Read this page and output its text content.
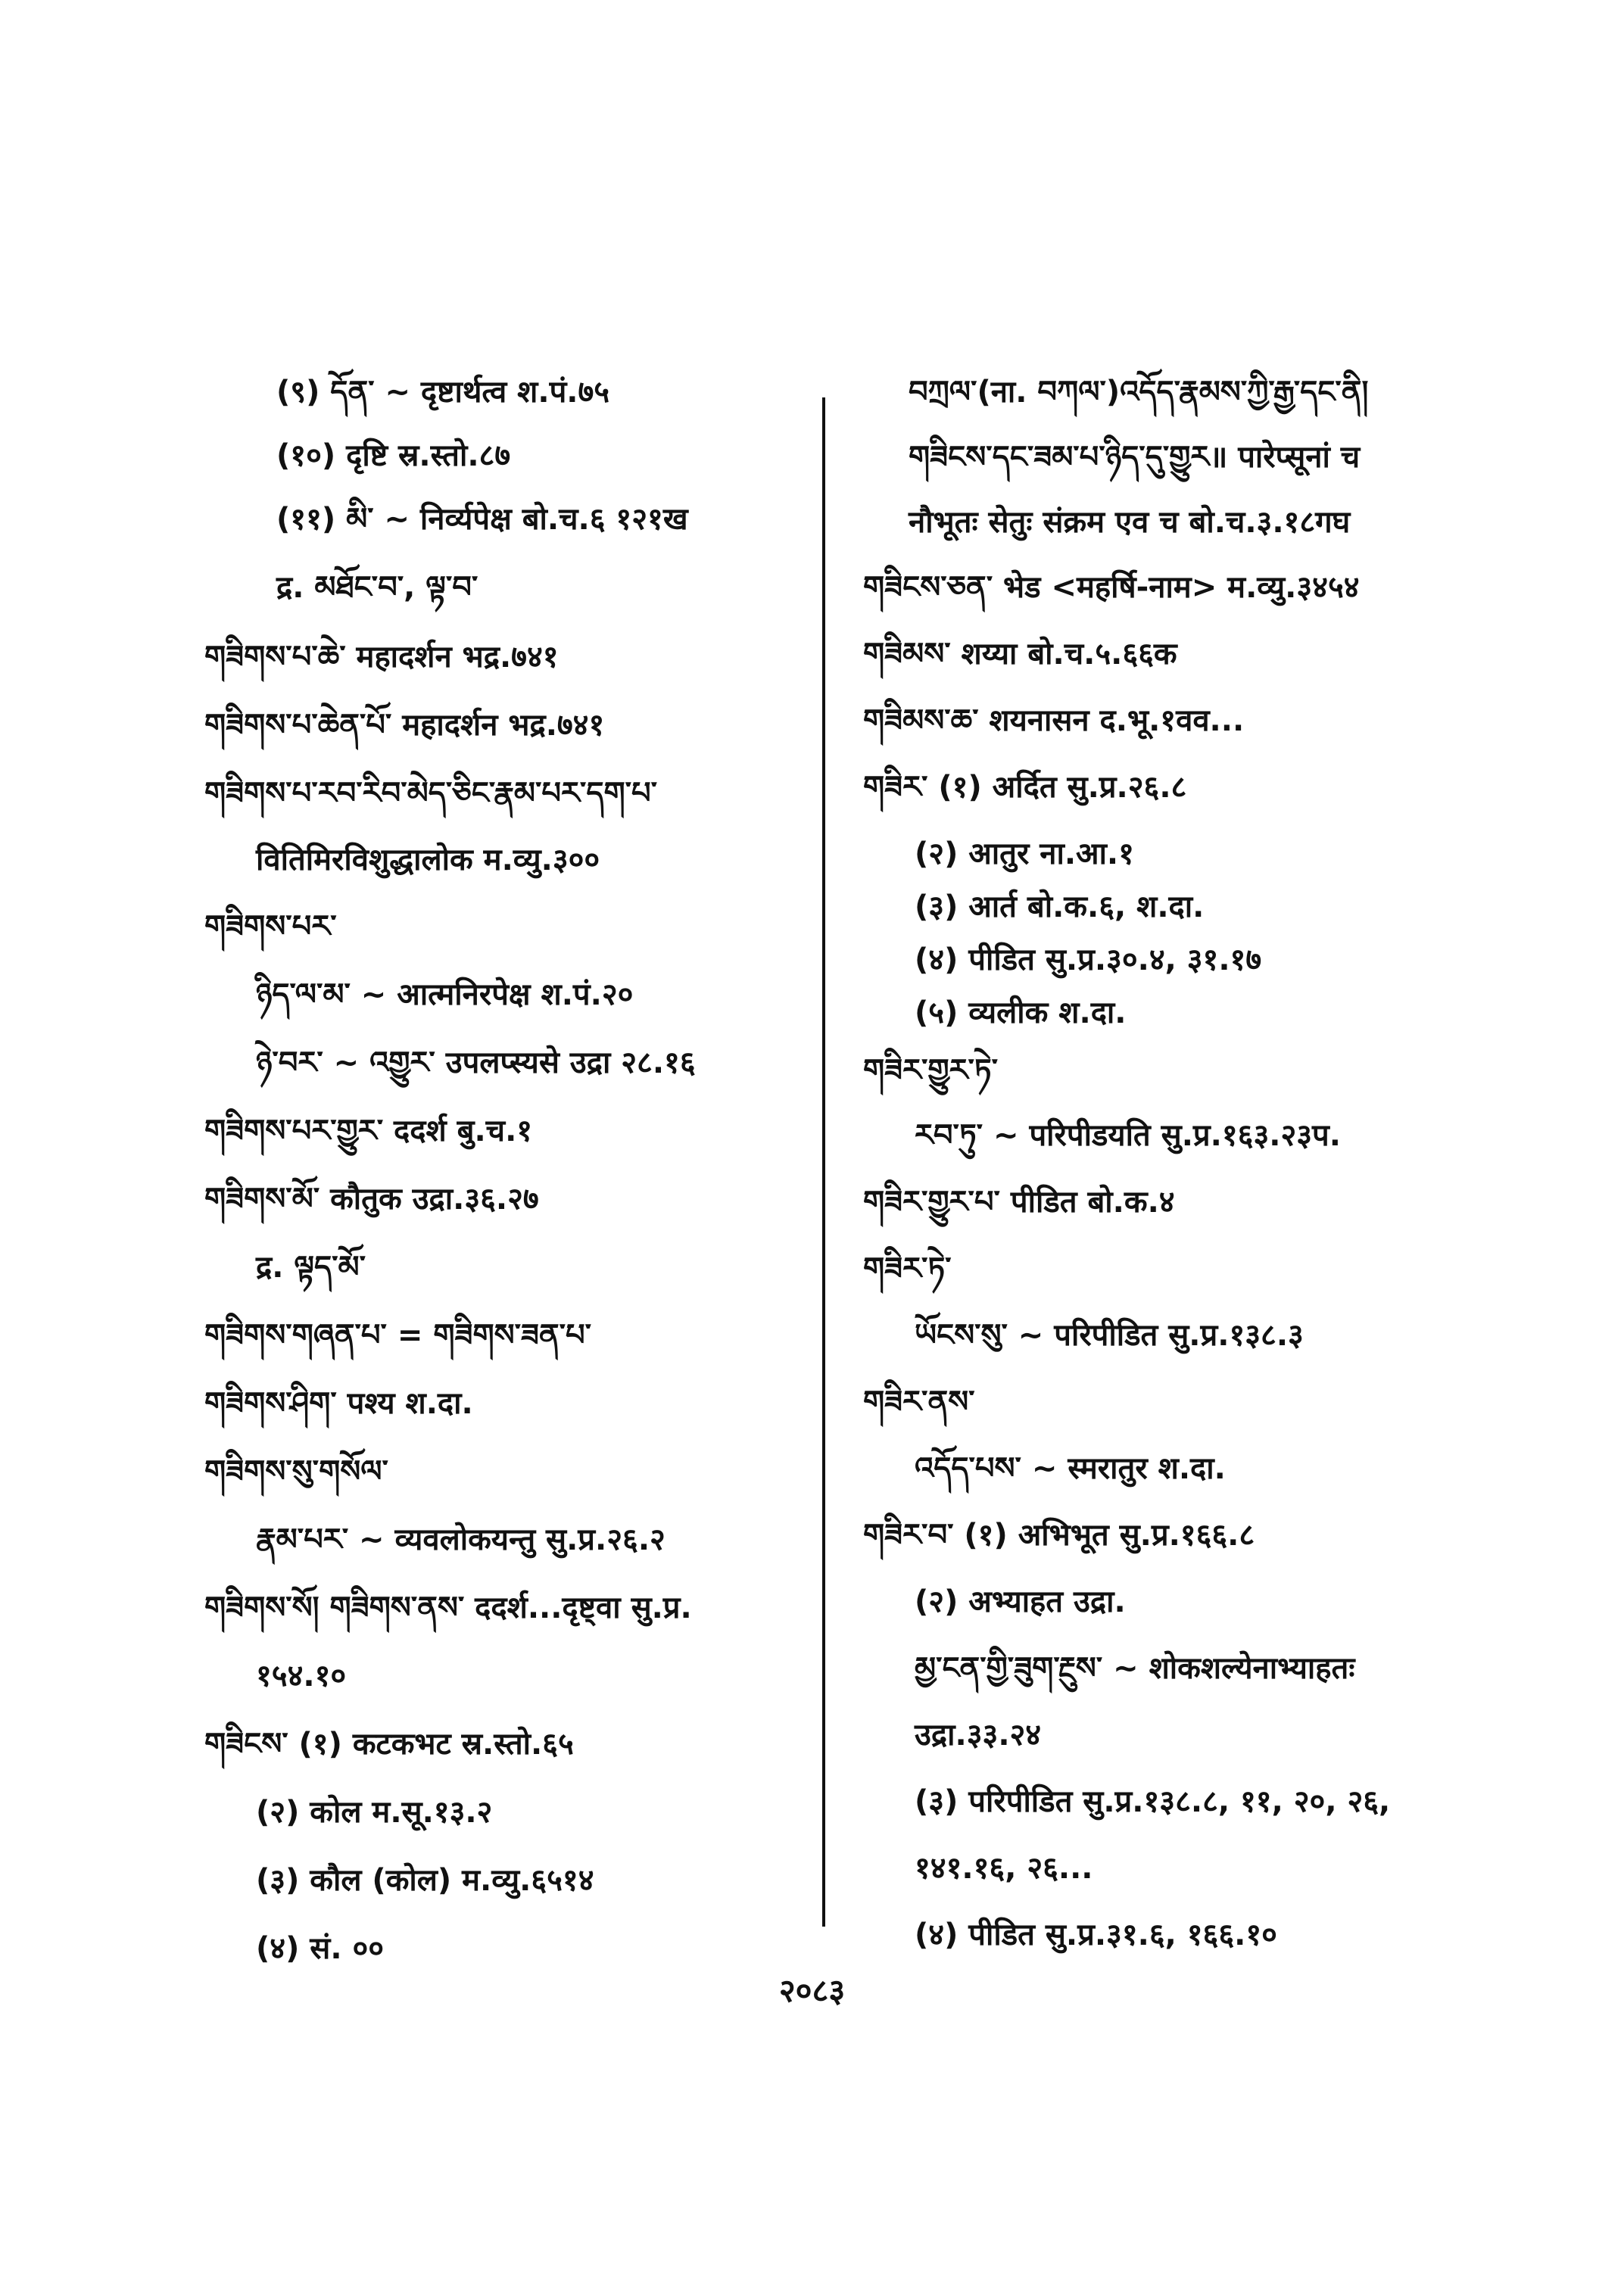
(९) དོན་ ~ दृष्टार्थत्व श.पं.७५
(१०) दृष्टि स्र.स्तो.८७
(११) མི་ ~ निर्व्यपेक्ष बो.च.६ १२१ख
द्र. མཐོང་བ་, ལྟ་བ་
གཟིགས་པ་ཆེ་ महादर्शन भद्र.७४१
གཟིགས་པ་ཆེན་པོ་ महादर्शन भद्र.७४१
གཟིགས་པ་རབ་རིབ་མེད་ཅིང་རྣམ་པར་དག་པ་
वितिमिरविशुद्धालोक म.व्यु.३००
གཟིགས་པར་
ཉིད་ལ་མ་ ~ आत्मनिरपेक्ष श.पं.२०
ཉེ་བར་ ~ འགྱུར་ उपलप्स्यसे उद्रा २८.१६
གཟིགས་པར་གྱུར་ ददर्श बु.च.१
གཟིགས་མོ་ कौतुक उद्रा.३६.२७
द्र. ལྟད་མོ་
གཟིགས་གཞན་པ་ = གཟིགས་ཟན་པ་
གཟིགས་ཤིག་ पश्य श.दा.
གཟིགས་སུ་གསོལ་
རྣམ་པར་ ~ व्यवलोकयन्तु सु.प्र.२६.२
གཟིགས་སོ། གཟིགས་ནས་ ददर्श...दृष्ट्वा सु.प्र.
१५४.१०
གཟིངས་ (१) कटकभट स्र.स्तो.६५
(२) कोल म.सू.१३.२
(३) कौल (कोल) म.व्यु.६५१४
(४) सं. ००
བཀྲལ་(ना. བཀལ་)འདོད་རྣམས་ཀྱི་རྒྱ་དང་ནི།
གཟིངས་དང་ཟམ་པ་ཉིད་དུ་གྱུར॥ पारेप्सूनां च
नौभूतः सेतुः संक्रम एव च बो.च.३.१८गघ
གཟིངས་ཅན་ भेड <महर्षि-नाम> म.व्यु.३४५४
གཟིམས་ शय्या बो.च.५.६६क
གཟིམས་ཆ་ शयनासन द.भू.१वव...
གཟིར་ (१) अर्दित सु.प्र.२६.८
(२) आतुर ना.आ.१
(३) आर्त बो.क.६, श.दा.
(४) पीडित सु.प्र.३०.४, ३१.१७
(५) व्यलीक श.दा.
གཟིར་གྱུར་ཏེ་
རབ་ཏུ་ ~ परिपीडयति सु.प्र.१६३.२३प.
གཟིར་གྱུར་པ་ पीडित बो.क.४
གཟིར་ཏེ་
ཡོངས་སུ་ ~ परिपीडित सु.प्र.१३८.३
གཟིར་ནས་
འདོད་པས་ ~ स्मरातुर श.दा.
གཟིར་བ་ (१) अभिभूत सु.प्र.१६६.८
(२) अभ्याहत उद्रा.
མྱ་ངན་གྱི་ཟུག་རྔུས་ ~ शोकशल्येनाभ्याहतः
उद्रा.३३.२४
(३) परिपीडित सु.प्र.१३८.८, ११, २०, २६,
१४१.१६, २६...
(४) पीडित सु.प्र.३१.६, १६६.१०
२०८३
